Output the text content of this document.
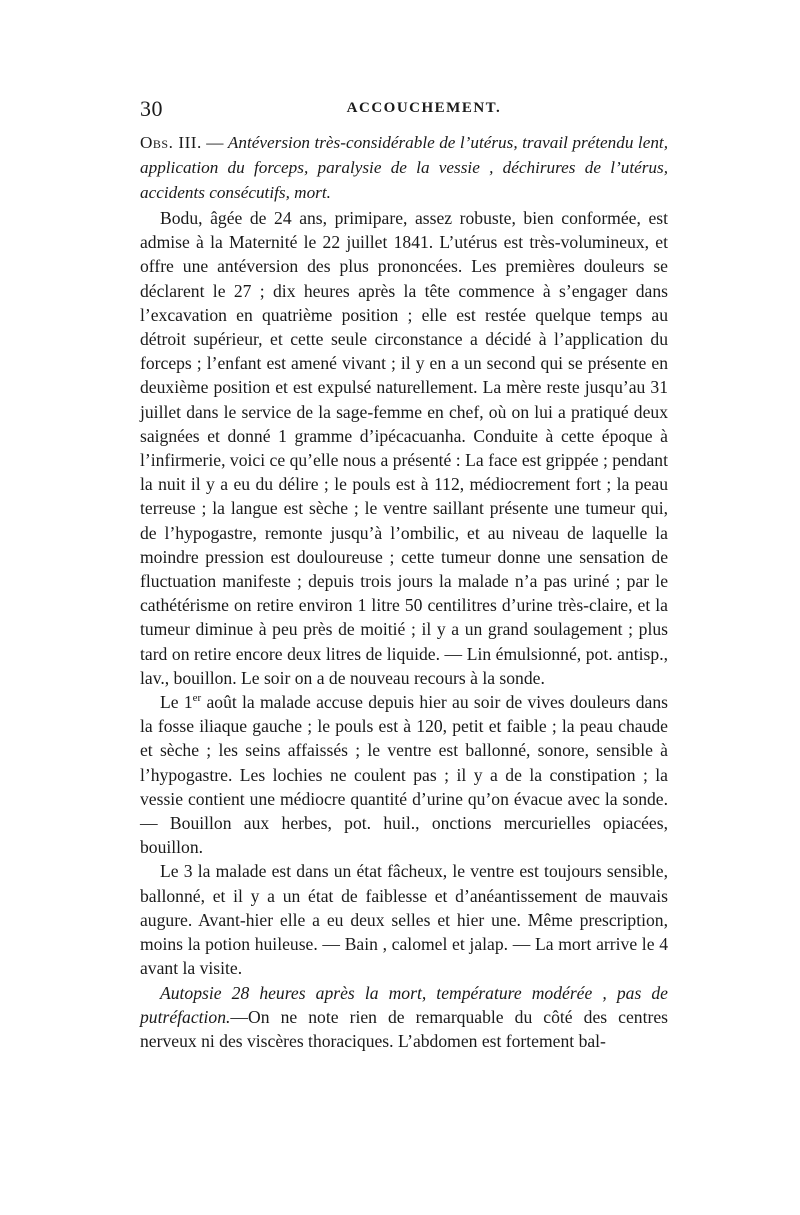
30	ACCOUCHEMENT.

Obs. III. — Antéversion très-considérable de l’utérus, travail prétendu lent, application du forceps, paralysie de la vessie , déchirures de l’utérus, accidents consécutifs, mort.

Bodu, âgée de 24 ans, primipare, assez robuste, bien conformée, est admise à la Maternité le 22 juillet 1841. L’utérus est très-volumineux, et offre une antéversion des plus prononcées. Les premières douleurs se déclarent le 27 ; dix heures après la tête commence à s’engager dans l’excavation en quatrième position ; elle est restée quelque temps au détroit supérieur, et cette seule circonstance a décidé à l’application du forceps ; l’enfant est amené vivant ; il y en a un second qui se présente en deuxième position et est expulsé naturellement. La mère reste jusqu’au 31 juillet dans le service de la sage-femme en chef, où on lui a pratiqué deux saignées et donné 1 gramme d’ipécacuanha. Conduite à cette époque à l’infirmerie, voici ce qu’elle nous a présenté : La face est grippée ; pendant la nuit il y a eu du délire ; le pouls est à 112, médiocrement fort ; la peau terreuse ; la langue est sèche ; le ventre saillant présente une tumeur qui, de l’hypogastre, remonte jusqu’à l’ombilic, et au niveau de laquelle la moindre pression est douloureuse ; cette tumeur donne une sensation de fluctuation manifeste ; depuis trois jours la malade n’a pas uriné ; par le cathétérisme on retire environ 1 litre 50 centilitres d’urine très-claire, et la tumeur diminue à peu près de moitié ; il y a un grand soulagement ; plus tard on retire encore deux litres de liquide. — Lin émulsionné, pot. antisp., lav., bouillon. Le soir on a de nouveau recours à la sonde.

Le 1er août la malade accuse depuis hier au soir de vives douleurs dans la fosse iliaque gauche ; le pouls est à 120, petit et faible ; la peau chaude et sèche ; les seins affaissés ; le ventre est ballonné, sonore, sensible à l’hypogastre. Les lochies ne coulent pas ; il y a de la constipation ; la vessie contient une médiocre quantité d’urine qu’on évacue avec la sonde. — Bouillon aux herbes, pot. huil., onctions mercurielles opiacées, bouillon.

Le 3 la malade est dans un état fâcheux, le ventre est toujours sensible, ballonné, et il y a un état de faiblesse et d’anéantissement de mauvais augure. Avant-hier elle a eu deux selles et hier une. Même prescription, moins la potion huileuse. — Bain , calomel et jalap. — La mort arrive le 4 avant la visite.

Autopsie 28 heures après la mort, température modérée , pas de putréfaction.—On ne note rien de remarquable du côté des centres nerveux ni des viscères thoraciques. L’abdomen est fortement bal-
